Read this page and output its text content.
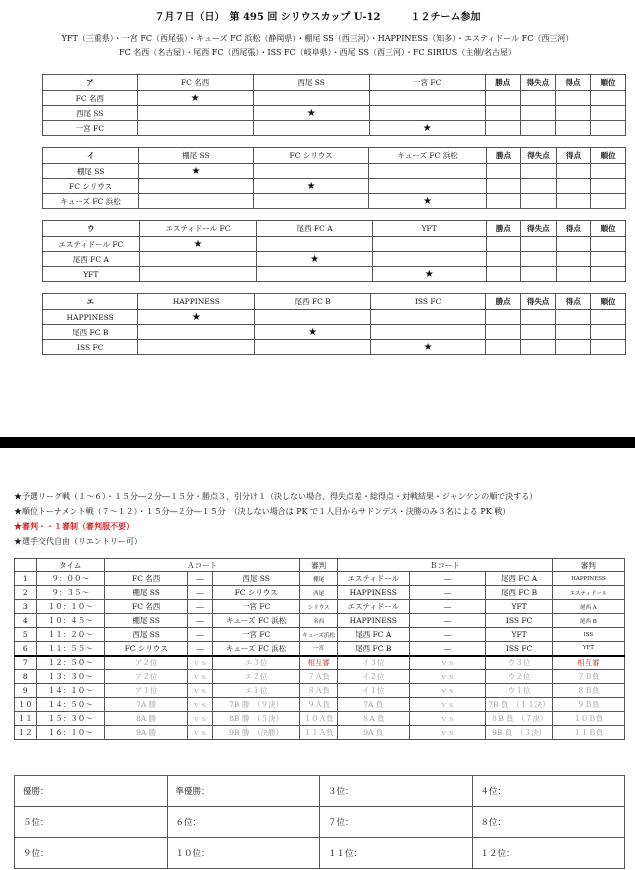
７月７日（日）　第 495 回 シリウスカップ U-12　　　１２チーム参加
YFT（三重県）・一宮 FC（西尾張）・キューズ FC 浜松（静岡県）・棚尾 SS（西三河）・HAPPINESS（知多）・エスティドール FC（西三河）
FC 名西（名古屋）・尾西 FC（西尾張）・ISS FC（岐阜県）・西尾 SS（西三河）・FC SIRIUS（主催/名古屋）
ア	FC 名西	西尾 SS	一宮 FC	勝点	得失点	得点	順位
FC 名西	★						
西尾 SS		★					
一宮 FC			★				
イ	棚尾 SS	FC シリウス	キューズ FC 浜松	勝点	得失点	得点	順位
棚尾 SS	★						
FC シリウス		★					
キューズ FC 浜松			★				
ウ	エスティドール FC	尾西 FC A	YFT	勝点	得失点	得点	順位
エスティドール FC	★						
尾西 FC A		★					
YFT			★				
エ	HAPPINESS	尾西 FC B	ISS FC	勝点	得失点	得点	順位
HAPPINESS	★						
尾西 FC B		★					
ISS FC			★				
★予選リーグ戦（１〜６）・１５分―２分―１５分・勝点３、引分け１（決しない場合、得失点差・総得点・対戦結果・ジャンケンの順で決する）
★順位トーナメント戦（７〜１２）・１５分―２分―１５分　（決しない場合は PK で１人目からサドンデス・決勝のみ３名による PK 戦）
★審判・・１審制（審判服不要）
★選手交代自由（リエントリー可）
	タイム	Ａコート			審判	Ｂコート			審判
1	９：００〜	FC 名西	―	西尾 SS	棚尾	エスティドール	―	尾西 FC A	HAPPINESS
2	９：３５〜	棚尾 SS	―	FC シリウス	西尾	HAPPINESS	―	尾西 FC B	エスティドール
3	１０：１０〜	FC 名西	―	一宮 FC	シリウス	エスティドール	―	YFT	尾西 A
4	１０：４５〜	棚尾 SS	―	キューズ FC 浜松	名西	HAPPINESS	―	ISS FC	尾西 B
5	１１：２０〜	西尾 SS	―	一宮 FC	キューズ浜松	尾西 FC A	―	YFT	ISS
6	１１：５５〜	FC シリウス	―	キューズ FC 浜松	一宮	尾西 FC B	―	ISS FC	YFT
7	１２：５０〜	ア２位	ｖｓ	エ３位	相互審	イ３位	ｖｓ	ウ３位	相互審
8	１３：３０〜	ア２位	ｖｓ	エ２位	７Ａ負	イ２位	ｖｓ	ウ２位	７Ｂ負
9	１４：１０〜	ア１位	ｖｓ	エ１位	８Ａ負	イ１位	ｖｓ	ウ１位	８Ｂ負
１０	１４：５０〜	7A 勝	ｖｓ	7B 勝　（９決）	９Ａ負	7A 負	ｖｓ	7B 負　（１１決）	９Ｂ負
１１	１５：３０〜	8A 勝	ｖｓ	8B 勝　（５決）	１０Ａ負	８A 負	ｖｓ	８B 負　（７決）	１０Ｂ負
１２	１６：１０〜	9A 勝	ｖｓ	9B 勝　（決勝）	１１Ａ負	9A 負	ｖｓ	9B 負　（３決）	１１Ｂ負
優勝：	準優勝：	３位：	４位：
５位：	６位：	７位：	８位：
９位：	１０位：	１１位：	１２位：
